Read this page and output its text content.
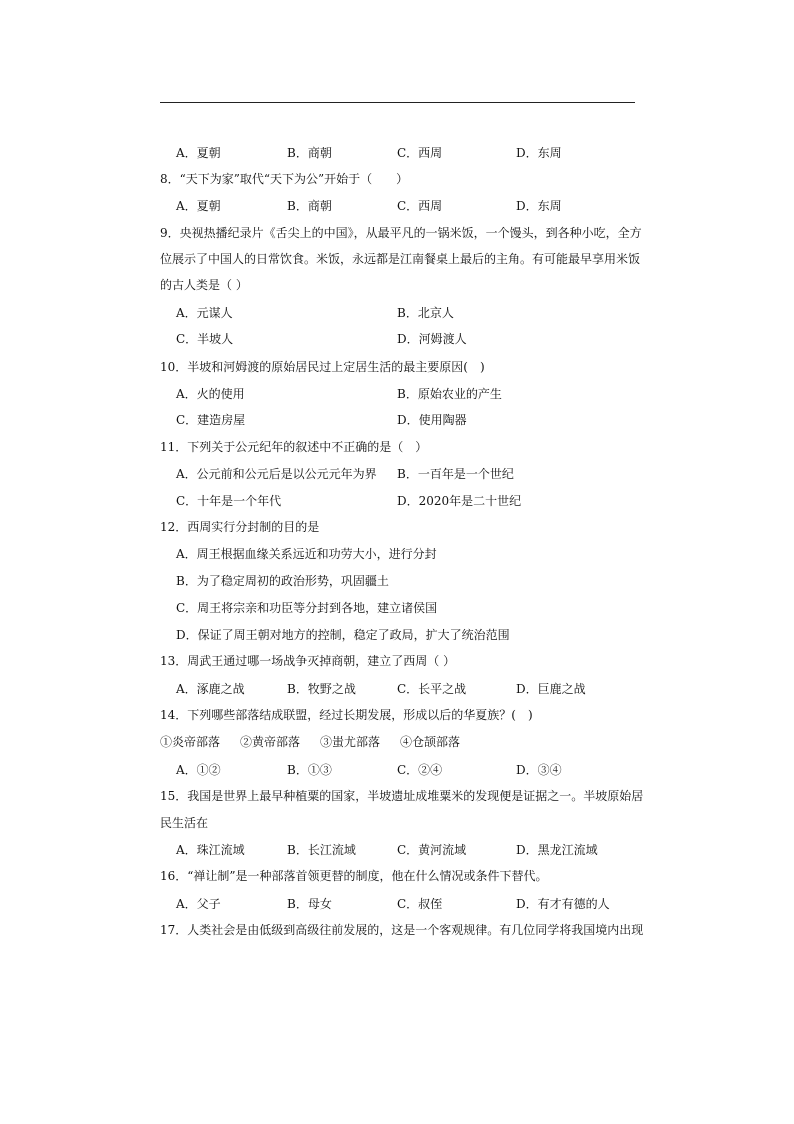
A．夏朝	B．商朝	C．西周	D．东周
8．“天下为家”取代“天下为公”开始于（　　）
A．夏朝	B．商朝	C．西周	D．东周
9．央视热播纪录片《舌尖上的中国》，从最平凡的一锅米饭，一个馒头，到各种小吃，全方
位展示了中国人的日常饮食。米饭，永远都是江南餐桌上最后的主角。有可能最早享用米饭
的古人类是（ ）
A．元谋人	B．北京人
C．半坡人	D．河姆渡人
10．半坡和河姆渡的原始居民过上定居生活的最主要原因(　)
A．火的使用	B．原始农业的产生
C．建造房屋	D．使用陶器
11．下列关于公元纪年的叙述中不正确的是（　）
A．公元前和公元后是以公元元年为界 B．一百年是一个世纪
C．十年是一个年代	D．2020年是二十世纪
12．西周实行分封制的目的是
A．周王根据血缘关系远近和功劳大小，进行分封
B．为了稳定周初的政治形势，巩固疆土
C．周王将宗亲和功臣等分封到各地，建立诸侯国
D．保证了周王朝对地方的控制，稳定了政局，扩大了统治范围
13．周武王通过哪一场战争灭掉商朝，建立了西周（ ）
A．涿鹿之战	B．牧野之战	C．长平之战	D．巨鹿之战
14．下列哪些部落结成联盟，经过长期发展，形成以后的华夏族？(　)
①炎帝部落 ②黄帝部落 ③蚩尤部落 ④仓颉部落
A．①②	B．①③	C．②④	D．③④
15．我国是世界上最早种植粟的国家，半坡遗址成堆粟米的发现便是证据之一。半坡原始居
民生活在
A．珠江流域	B．长江流域	C．黄河流域	D．黑龙江流域
16．“禅让制”是一种部落首领更替的制度，他在什么情况或条件下替代。
A．父子	B．母女	C．叔侄	D．有才有德的人
17．人类社会是由低级到高级往前发展的，这是一个客观规律。有几位同学将我国境内出现
